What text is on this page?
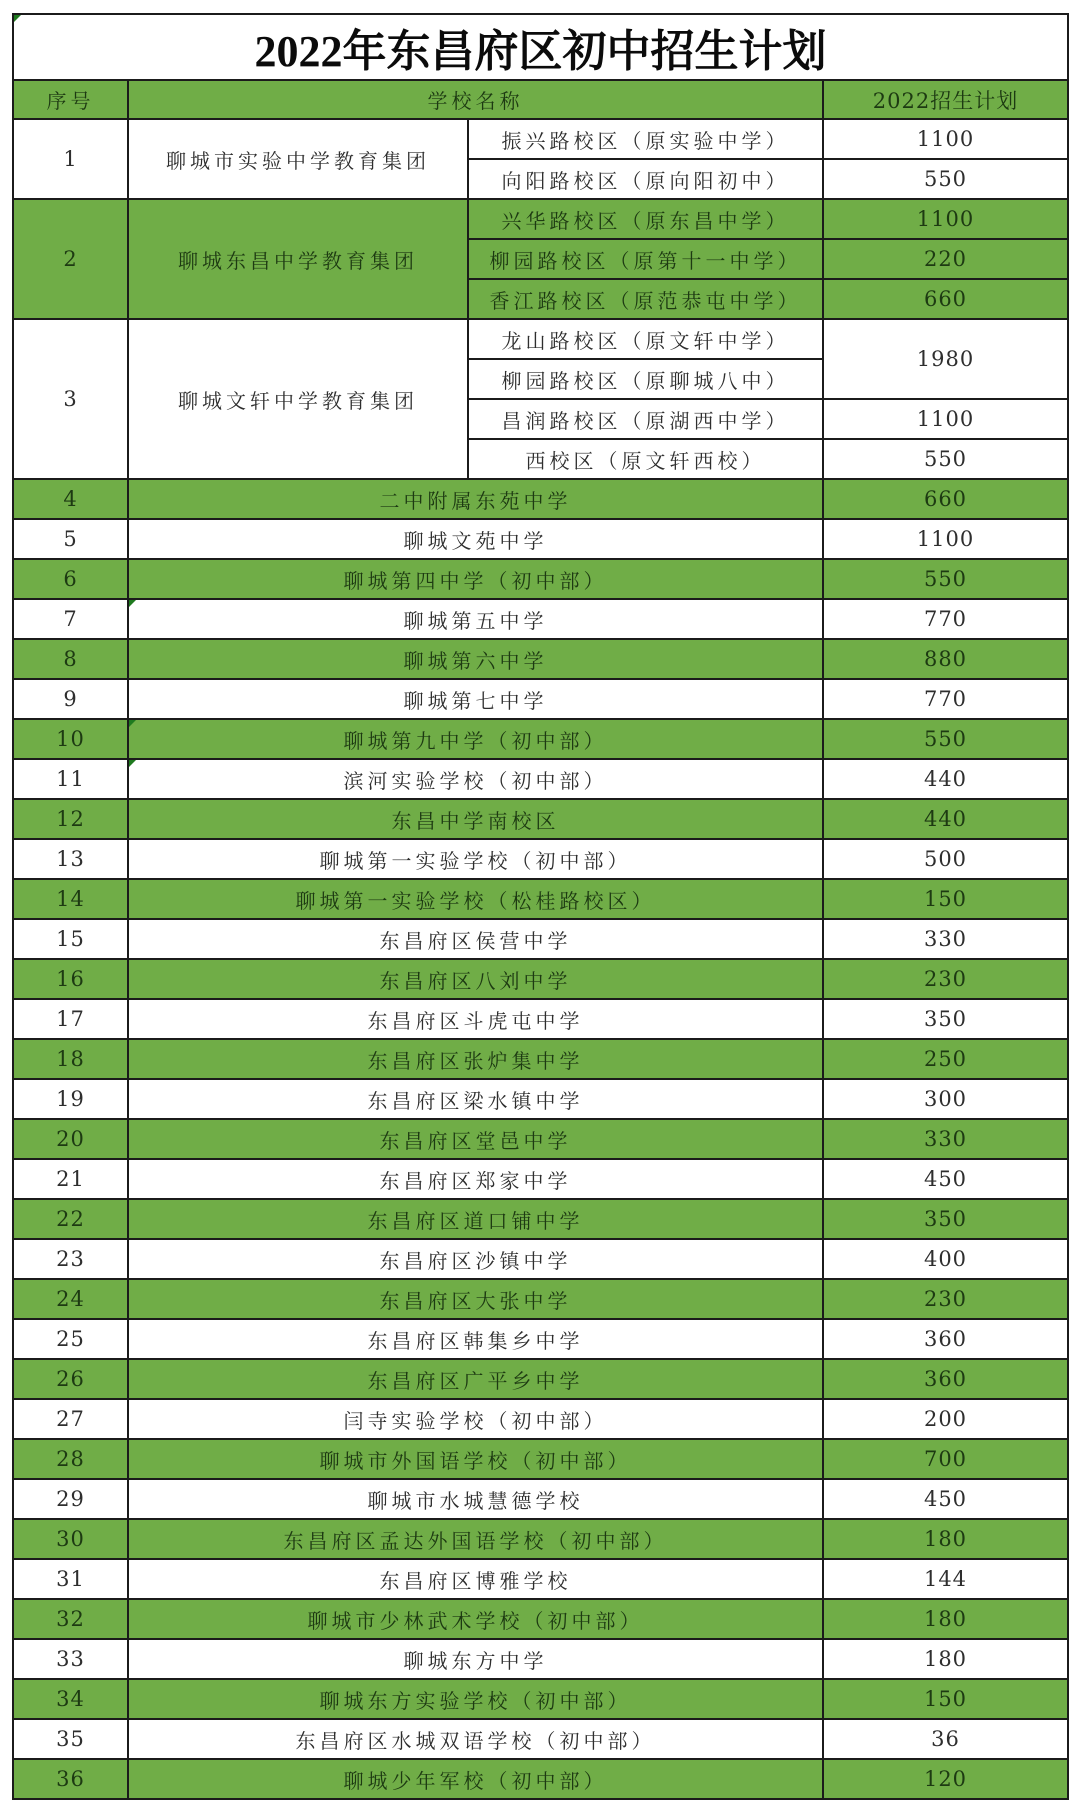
2022年东昌府区初中招生计划			

序号	学校名称		2022招生计划
1	聊城市实验中学教育集团	振兴路校区（原实验中学）	1100
		向阳路校区（原向阳初中）	550
2	聊城东昌中学教育集团	兴华路校区（原东昌中学）	1100
		柳园路校区（原第十一中学）	220
		香江路校区（原范恭屯中学）	660
3	聊城文轩中学教育集团	龙山路校区（原文轩中学）	1980
		柳园路校区（原聊城八中）	
		昌润路校区（原湖西中学）	1100
		西校区（原文轩西校）	550
4	二中附属东苑中学		660
5	聊城文苑中学		1100
6	聊城第四中学（初中部）		550
7	聊城第五中学		770
8	聊城第六中学		880
9	聊城第七中学		770
10	聊城第九中学（初中部）		550
11	滨河实验学校（初中部）		440
12	东昌中学南校区		440
13	聊城第一实验学校（初中部）		500
14	聊城第一实验学校（松桂路校区）		150
15	东昌府区侯营中学		330
16	东昌府区八刘中学		230
17	东昌府区斗虎屯中学		350
18	东昌府区张炉集中学		250
19	东昌府区梁水镇中学		300
20	东昌府区堂邑中学		330
21	东昌府区郑家中学		450
22	东昌府区道口铺中学		350
23	东昌府区沙镇中学		400
24	东昌府区大张中学		230
25	东昌府区韩集乡中学		360
26	东昌府区广平乡中学		360
27	闫寺实验学校（初中部）		200
28	聊城市外国语学校（初中部）		700
29	聊城市水城慧德学校		450
30	东昌府区孟达外国语学校（初中部）		180
31	东昌府区博雅学校		144
32	聊城市少林武术学校（初中部）		180
33	聊城东方中学		180
34	聊城东方实验学校（初中部）		150
35	东昌府区水城双语学校（初中部）		36
36	聊城少年军校（初中部）		120
